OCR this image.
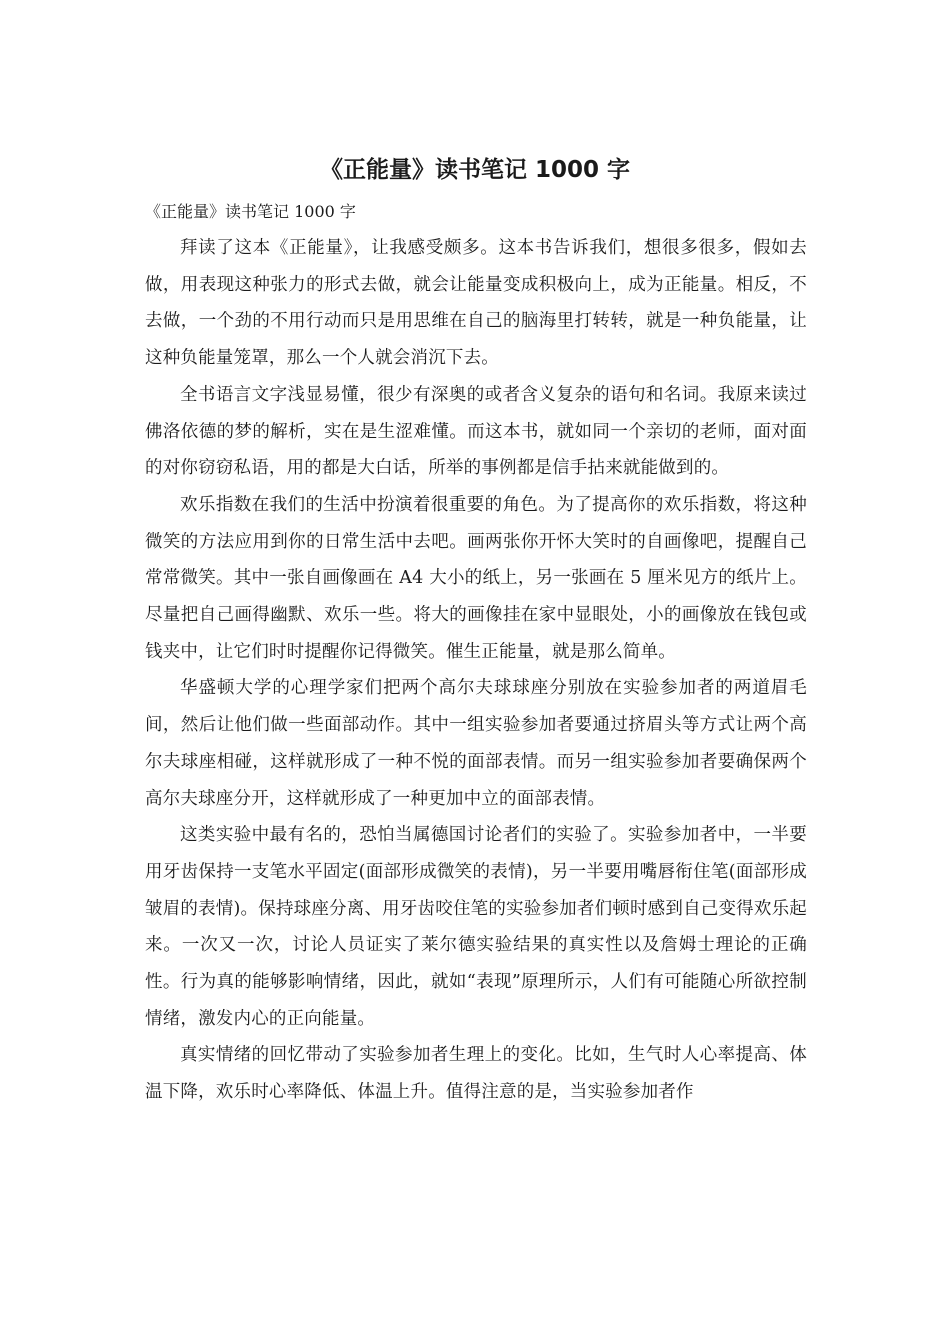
《正能量》读书笔记 1000 字

《正能量》读书笔记 1000 字

拜读了这本《正能量》，让我感受颇多。这本书告诉我们，想很多很多，假如去做，用表现这种张力的形式去做，就会让能量变成积极向上，成为正能量。相反，不去做，一个劲的不用行动而只是用思维在自己的脑海里打转转，就是一种负能量，让这种负能量笼罩，那么一个人就会消沉下去。

全书语言文字浅显易懂，很少有深奥的或者含义复杂的语句和名词。我原来读过佛洛依德的梦的解析，实在是生涩难懂。而这本书，就如同一个亲切的老师，面对面的对你窃窃私语，用的都是大白话，所举的事例都是信手拈来就能做到的。

欢乐指数在我们的生活中扮演着很重要的角色。为了提高你的欢乐指数，将这种微笑的方法应用到你的日常生活中去吧。画两张你开怀大笑时的自画像吧，提醒自己常常微笑。其中一张自画像画在 A4 大小的纸上，另一张画在 5 厘米见方的纸片上。尽量把自己画得幽默、欢乐一些。将大的画像挂在家中显眼处，小的画像放在钱包或钱夹中，让它们时时提醒你记得微笑。催生正能量，就是那么简单。

华盛顿大学的心理学家们把两个高尔夫球球座分别放在实验参加者的两道眉毛间，然后让他们做一些面部动作。其中一组实验参加者要通过挤眉头等方式让两个高尔夫球座相碰，这样就形成了一种不悦的面部表情。而另一组实验参加者要确保两个高尔夫球座分开，这样就形成了一种更加中立的面部表情。

这类实验中最有名的，恐怕当属德国讨论者们的实验了。实验参加者中，一半要用牙齿保持一支笔水平固定(面部形成微笑的表情)，另一半要用嘴唇衔住笔(面部形成皱眉的表情)。保持球座分离、用牙齿咬住笔的实验参加者们顿时感到自己变得欢乐起来。一次又一次，讨论人员证实了莱尔德实验结果的真实性以及詹姆士理论的正确性。行为真的能够影响情绪，因此，就如“表现”原理所示，人们有可能随心所欲控制情绪，激发内心的正向能量。

真实情绪的回忆带动了实验参加者生理上的变化。比如，生气时人心率提高、体温下降，欢乐时心率降低、体温上升。值得注意的是，当实验参加者作
